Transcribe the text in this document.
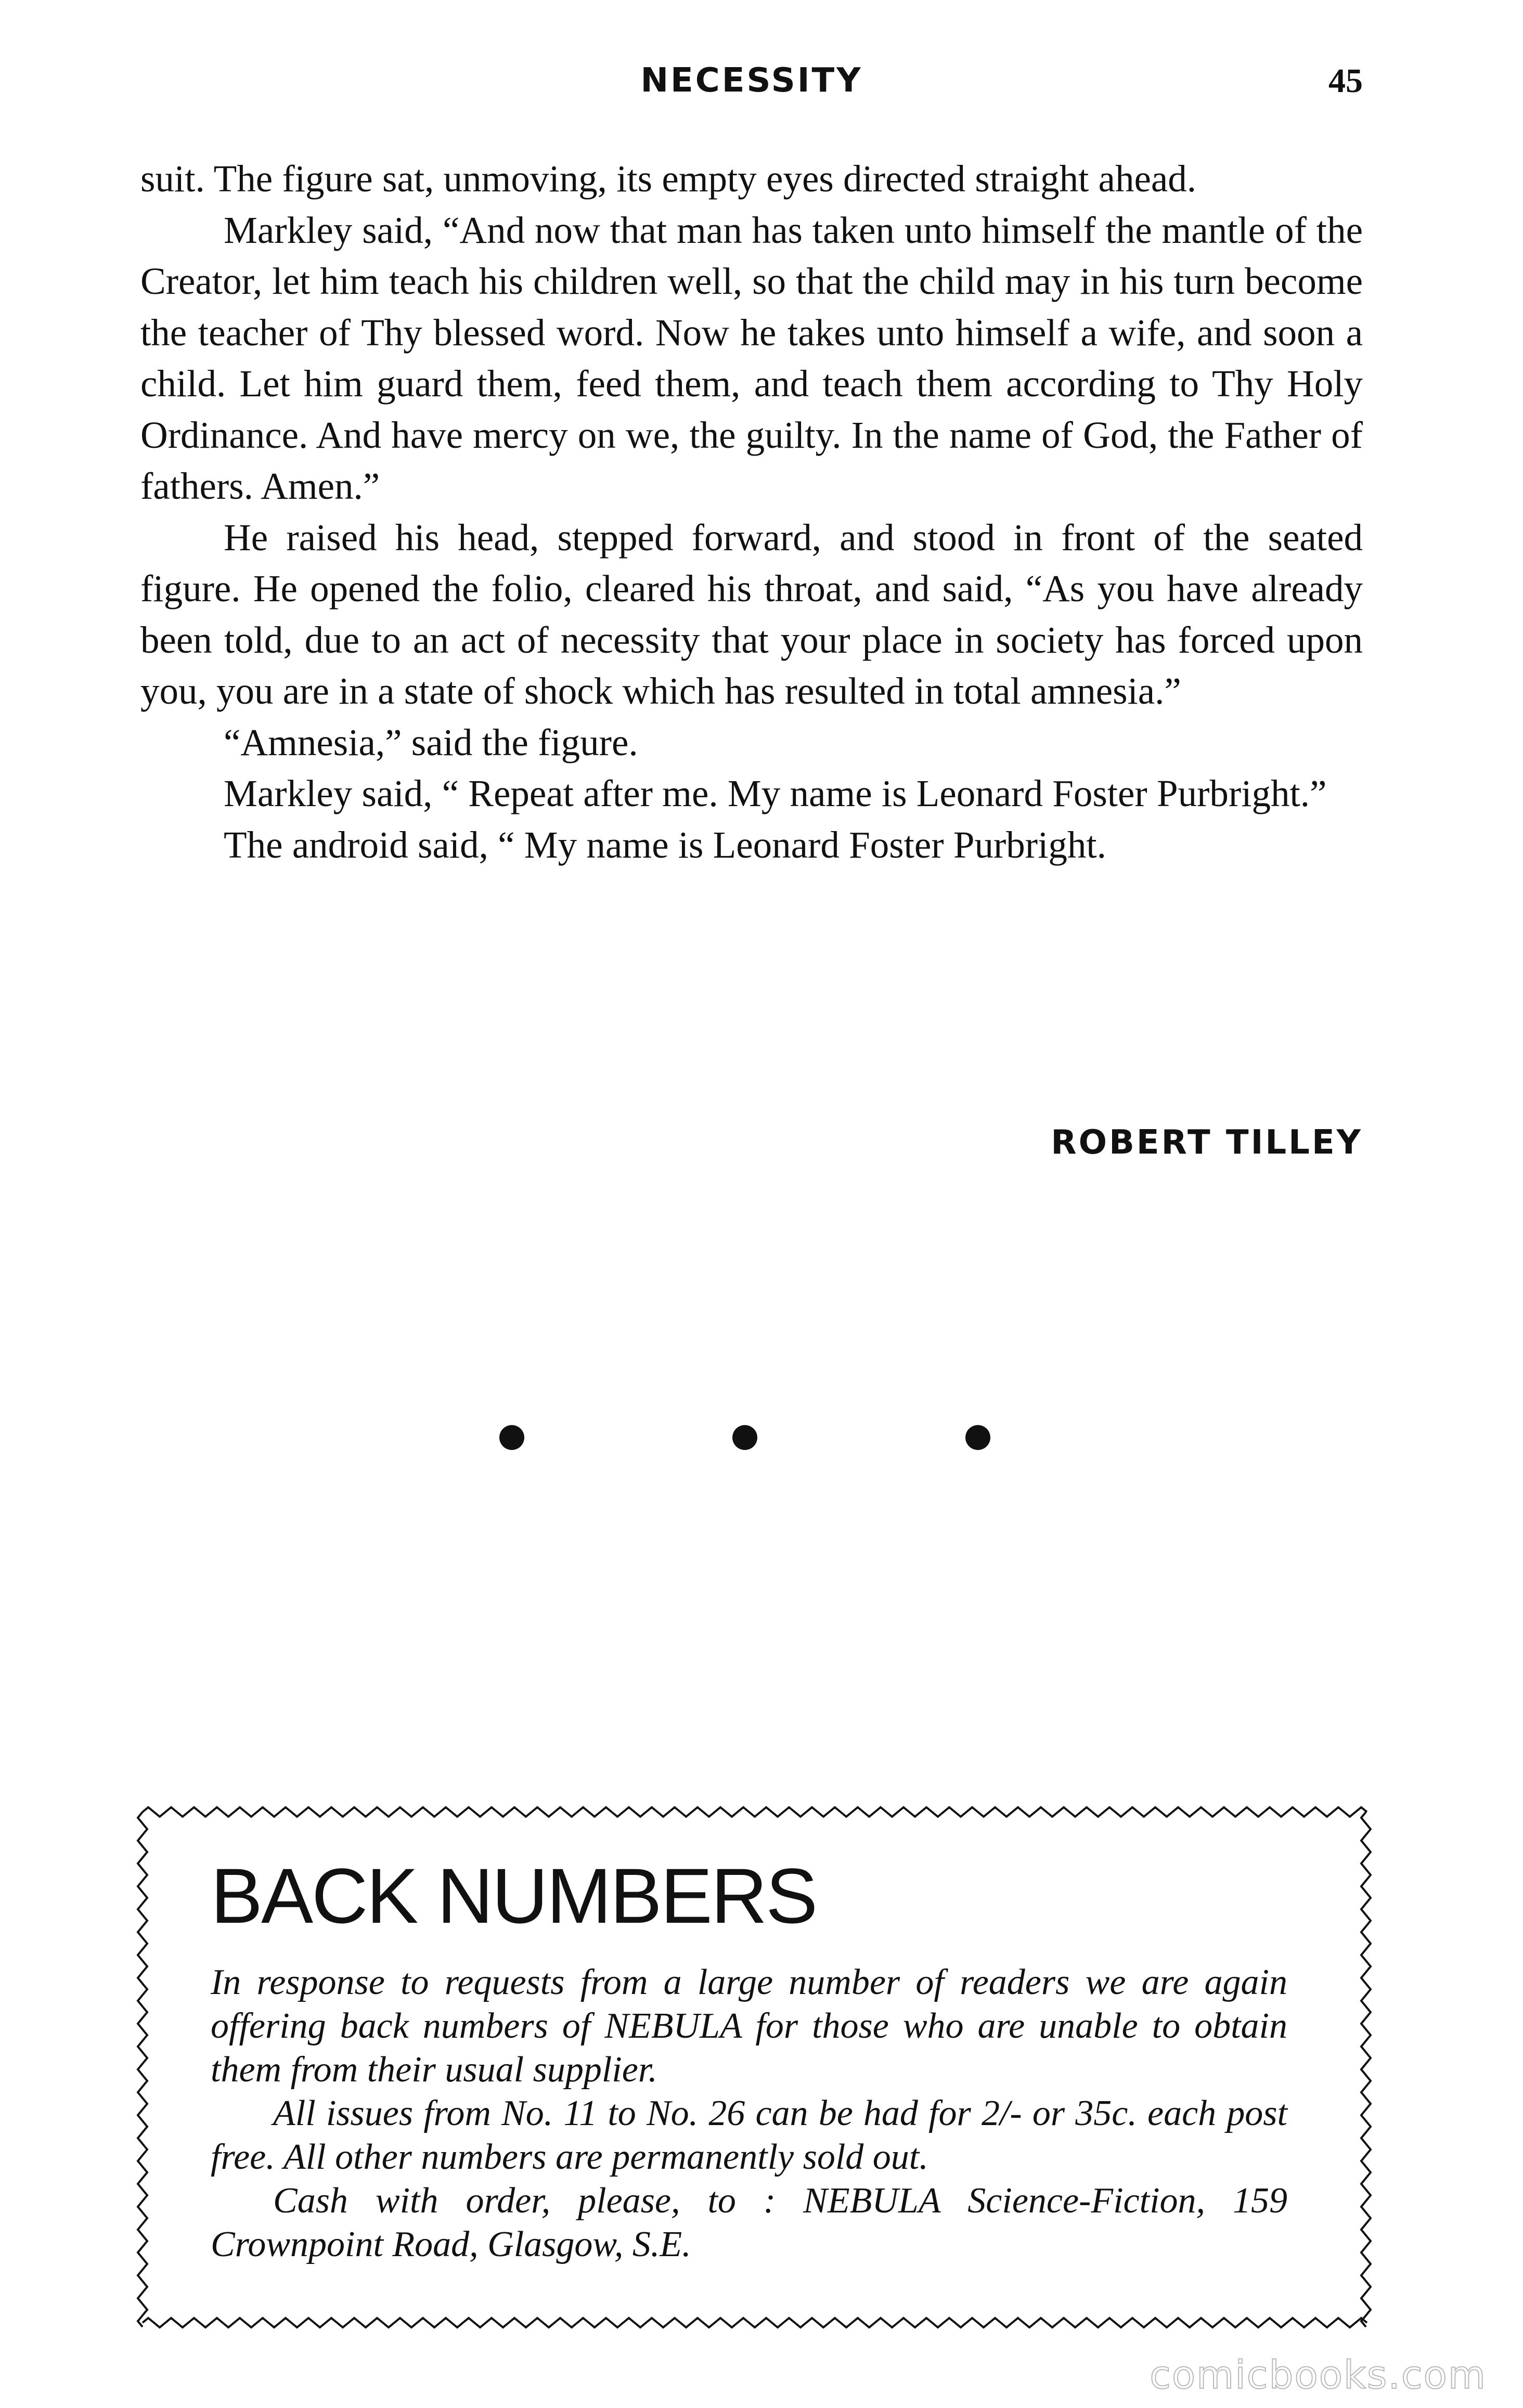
NECESSITY	45

suit. The figure sat, unmoving, its empty eyes directed straight ahead.

Markley said, “And now that man has taken unto himself the mantle of the Creator, let him teach his children well, so that the child may in his turn become the teacher of Thy blessed word. Now he takes unto himself a wife, and soon a child. Let him guard them, feed them, and teach them according to Thy Holy Ordinance. And have mercy on we, the guilty. In the name of God, the Father of fathers. Amen.”

He raised his head, stepped forward, and stood in front of the seated figure. He opened the folio, cleared his throat, and said, “As you have already been told, due to an act of necessity that your place in society has forced upon you, you are in a state of shock which has resulted in total amnesia.”

“Amnesia,” said the figure.

Markley said, “ Repeat after me. My name is Leonard Foster Purbright.”

The android said, “ My name is Leonard Foster Purbright.

ROBERT TILLEY
BACK NUMBERS

In response to requests from a large number of readers we are again offering back numbers of NEBULA for those who are unable to obtain them from their usual supplier.

All issues from No. 11 to No. 26 can be had for 2/- or 35c. each post free. All other numbers are permanently sold out.

Cash with order, please, to : NEBULA Science-Fiction, 159 Crownpoint Road, Glasgow, S.E.

comicbooks.com
